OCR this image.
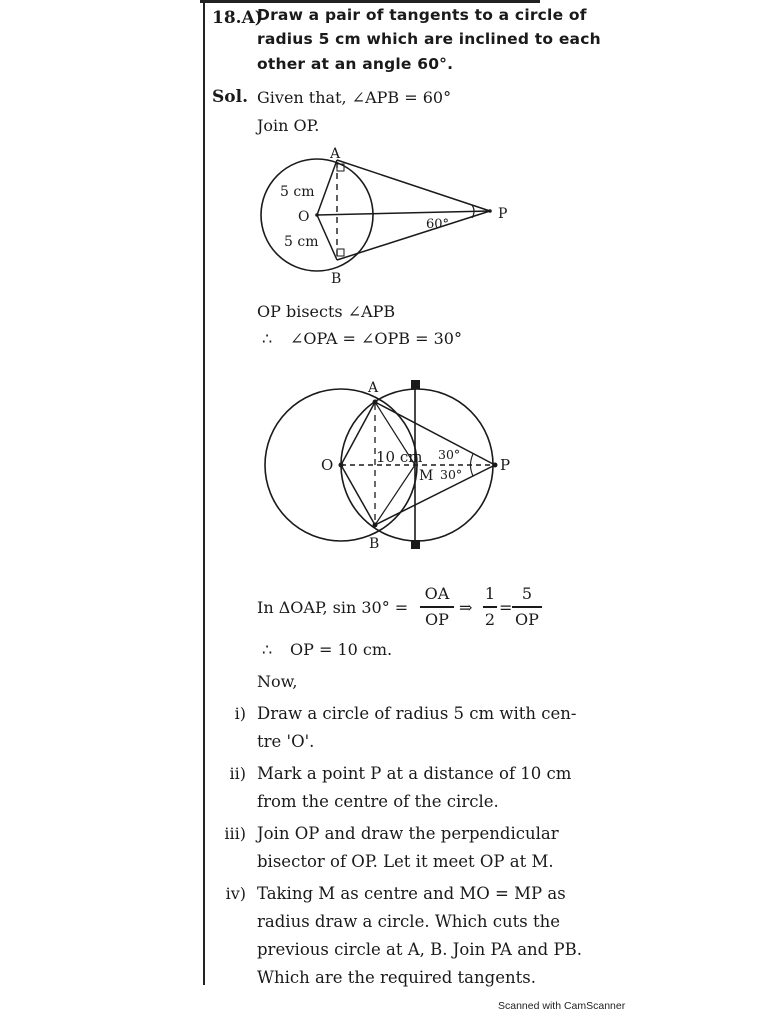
18.A)
Draw a pair of tangents to a circle of
radius 5 cm which are inclined to each
other at an angle 60°.
Sol. Given that, ∠APB = 60°
Join OP.
A
B
O	P
5 cm
5 cm
60°
OP bisects ∠APB
∴ ∠OPA = ∠OPB = 30°
A
B
O	P
M
10 cm 30°
30°
In ΔOAP, sin 30° =
OA
OP
⇒
1
2
=
5
OP
∴ OP = 10 cm.
Now,
i) Draw a circle of radius 5 cm with cen-
tre 'O'.
ii) Mark a point P at a distance of 10 cm
from the centre of the circle.
iii) Join OP and draw the perpendicular
bisector of OP. Let it meet OP at M.
iv) Taking M as centre and MO = MP as
radius draw a circle. Which cuts the
previous circle at A, B. Join PA and PB.
Which are the required tangents.
Scanned with CamScanner
